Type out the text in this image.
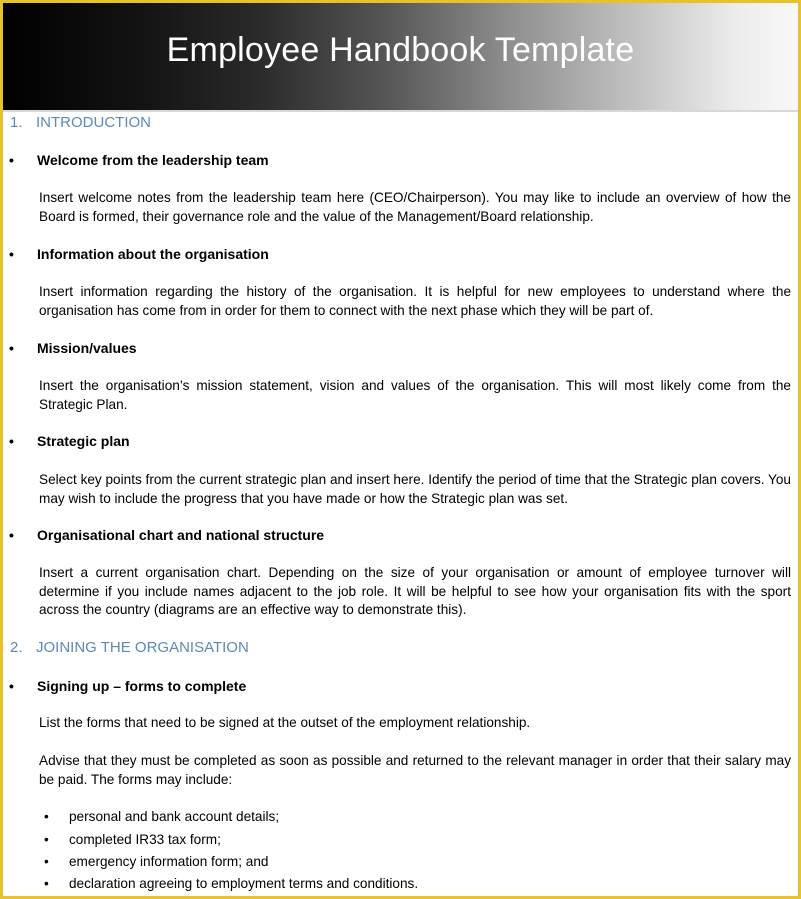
Employee Handbook Template
1. INTRODUCTION
• Welcome from the leadership team
Insert welcome notes from the leadership team here (CEO/Chairperson). You may like to include an overview of how the Board is formed, their governance role and the value of the Management/Board relationship.
• Information about the organisation
Insert information regarding the history of the organisation. It is helpful for new employees to understand where the organisation has come from in order for them to connect with the next phase which they will be part of.
• Mission/values
Insert the organisation’s mission statement, vision and values of the organisation. This will most likely come from the Strategic Plan.
• Strategic plan
Select key points from the current strategic plan and insert here. Identify the period of time that the Strategic plan covers. You may wish to include the progress that you have made or how the Strategic plan was set.
• Organisational chart and national structure
Insert a current organisation chart. Depending on the size of your organisation or amount of employee turnover will determine if you include names adjacent to the job role. It will be helpful to see how your organisation fits with the sport across the country (diagrams are an effective way to demonstrate this).
2. JOINING THE ORGANISATION
• Signing up – forms to complete
List the forms that need to be signed at the outset of the employment relationship.
Advise that they must be completed as soon as possible and returned to the relevant manager in order that their salary may be paid. The forms may include:
• personal and bank account details;
• completed IR33 tax form;
• emergency information form; and
• declaration agreeing to employment terms and conditions.
